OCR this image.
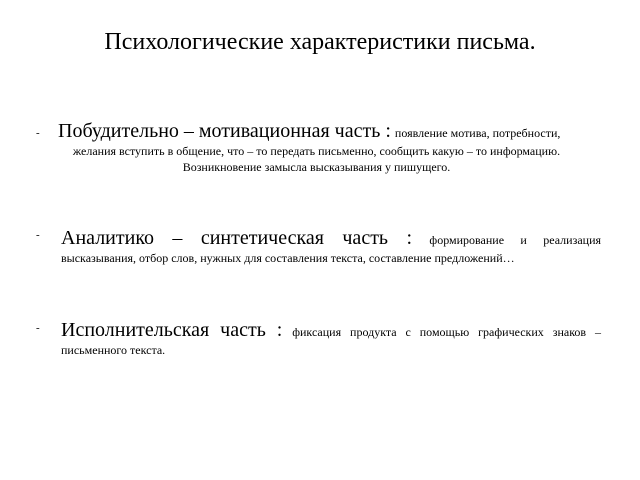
Психологические характеристики письма.
- Побудительно – мотивационная часть : появление мотива, потребности,
желания вступить в общение, что – то передать письменно, сообщить какую – то информацию. Возникновение замысла высказывания у пишущего.
- Аналитико – синтетическая часть : формирование и реализация
высказывания, отбор слов, нужных для составления текста, составление предложений…
- Исполнительская часть : фиксация продукта с помощью графических знаков –
письменного текста.
